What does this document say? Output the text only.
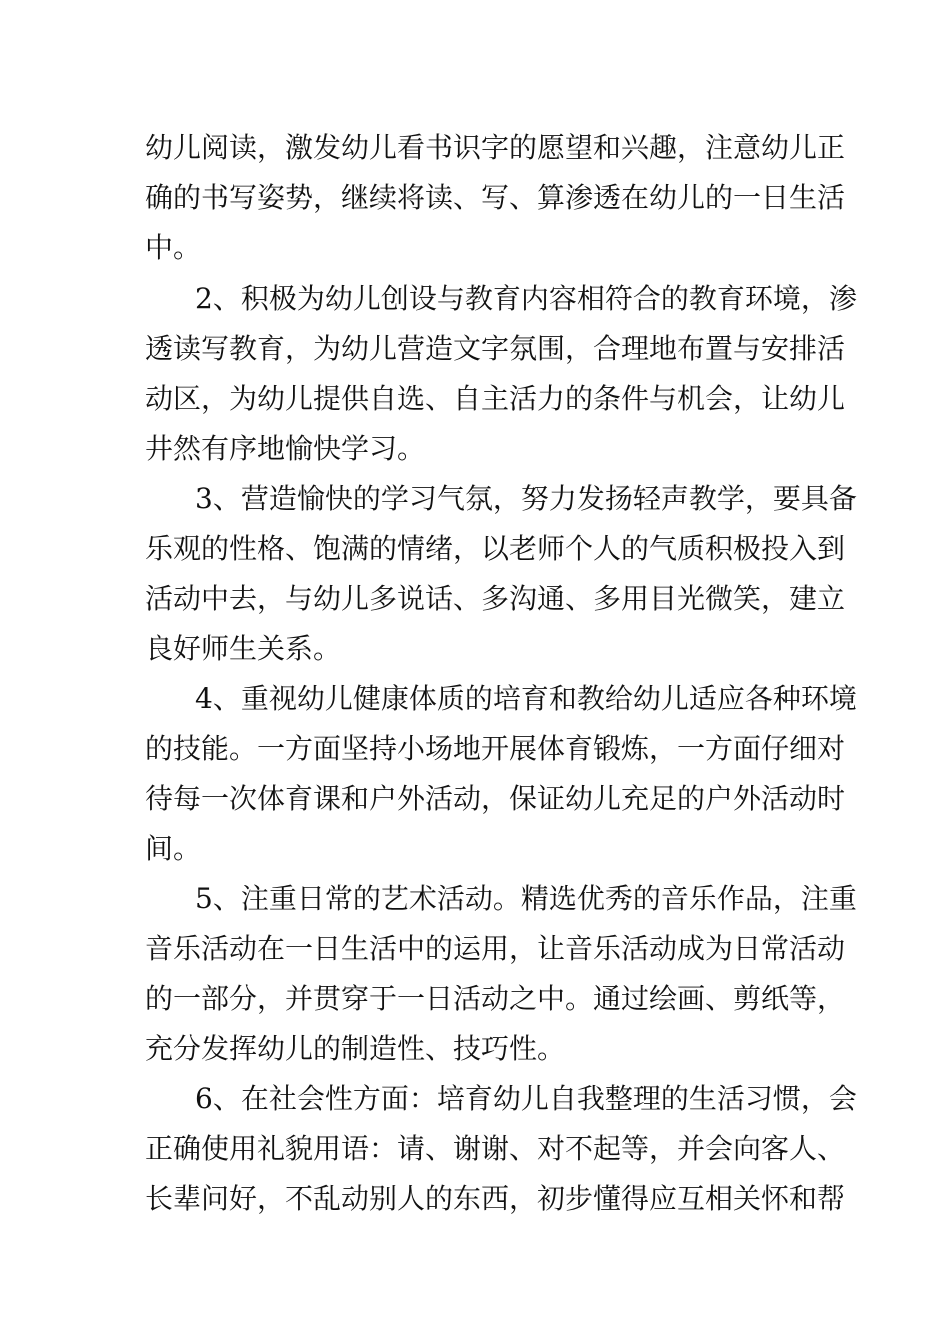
幼儿阅读，激发幼儿看书识字的愿望和兴趣，注意幼儿正

确的书写姿势，继续将读、写、算渗透在幼儿的一日生活

中。

2、积极为幼儿创设与教育内容相符合的教育环境，渗

透读写教育，为幼儿营造文字氛围，合理地布置与安排活

动区，为幼儿提供自选、自主活力的条件与机会，让幼儿

井然有序地愉快学习。

3、营造愉快的学习气氛，努力发扬轻声教学，要具备

乐观的性格、饱满的情绪，以老师个人的气质积极投入到

活动中去，与幼儿多说话、多沟通、多用目光微笑，建立

良好师生关系。

4、重视幼儿健康体质的培育和教给幼儿适应各种环境

的技能。一方面坚持小场地开展体育锻炼，一方面仔细对

待每一次体育课和户外活动，保证幼儿充足的户外活动时

间。

5、注重日常的艺术活动。精选优秀的音乐作品，注重

音乐活动在一日生活中的运用，让音乐活动成为日常活动

的一部分，并贯穿于一日活动之中。通过绘画、剪纸等，

充分发挥幼儿的制造性、技巧性。

6、在社会性方面：培育幼儿自我整理的生活习惯，会

正确使用礼貌用语：请、谢谢、对不起等，并会向客人、

长辈问好，不乱动别人的东西，初步懂得应互相关怀和帮
